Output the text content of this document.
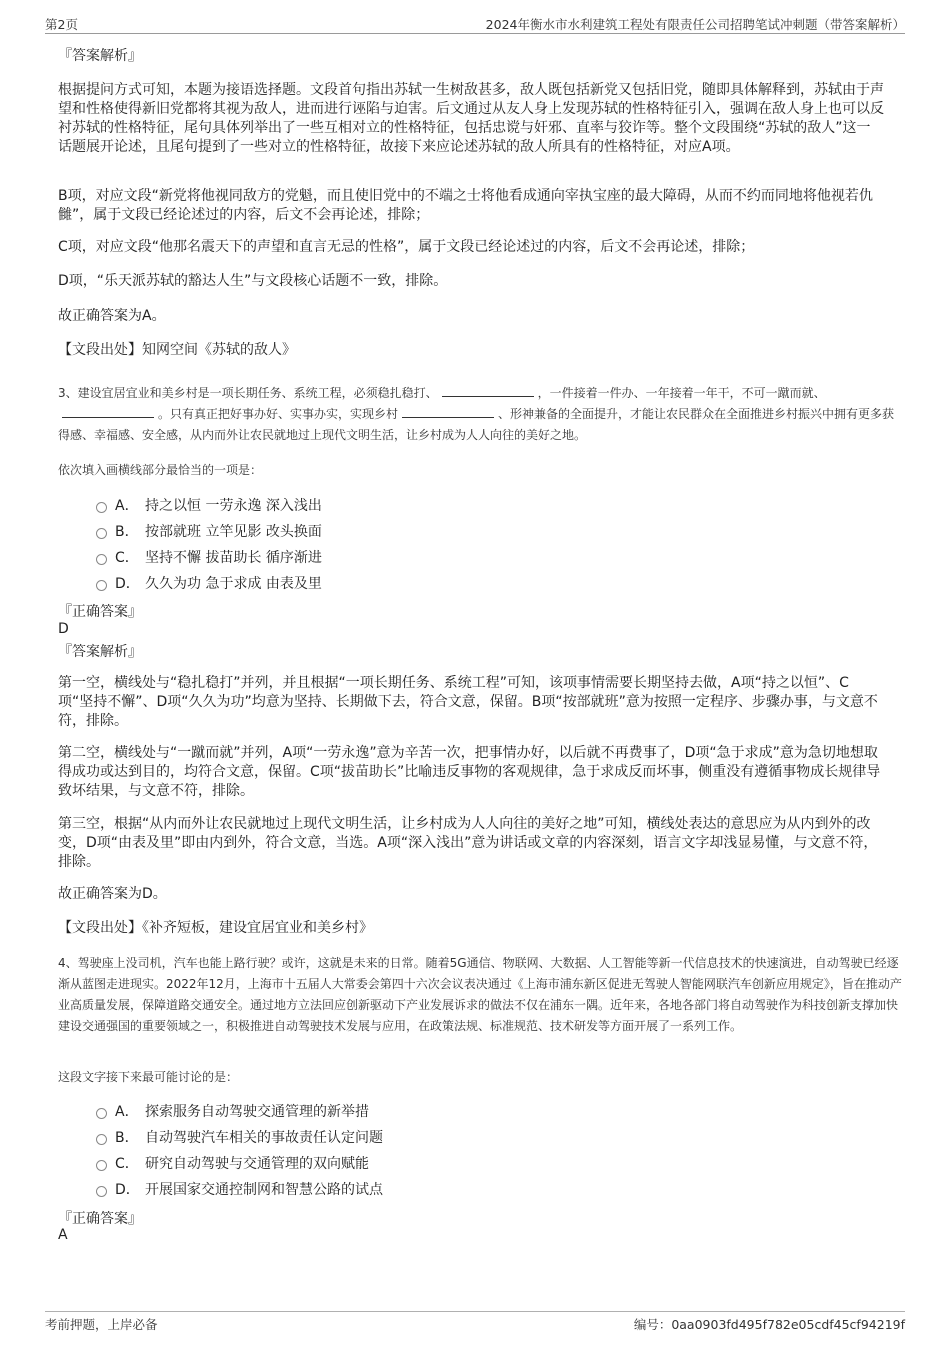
第2页	2024年衡水市水利建筑工程处有限责任公司招聘笔试冲刺题（带答案解析）
『答案解析』
根据提问方式可知，本题为接语选择题。文段首句指出苏轼一生树敌甚多，敌人既包括新党又包括旧党，随即具体解释到，苏轼由于声望和性格使得新旧党都将其视为敌人，进而进行诬陷与迫害。后文通过从友人身上发现苏轼的性格特征引入，强调在敌人身上也可以反衬苏轼的性格特征，尾句具体列举出了一些互相对立的性格特征，包括忠谠与奸邪、直率与狡诈等。整个文段围绕“苏轼的敌人”这一话题展开论述，且尾句提到了一些对立的性格特征，故接下来应论述苏轼的敌人所具有的性格特征，对应A项。
B项，对应文段“新党将他视同敌方的党魁，而且使旧党中的不端之士将他看成通向宰执宝座的最大障碍，从而不约而同地将他视若仇雠”，属于文段已经论述过的内容，后文不会再论述，排除；
C项，对应文段“他那名震天下的声望和直言无忌的性格”，属于文段已经论述过的内容，后文不会再论述，排除；
D项，“乐天派苏轼的豁达人生”与文段核心话题不一致，排除。
故正确答案为A。
【文段出处】知网空间《苏轼的敌人》
3、建设宜居宜业和美乡村是一项长期任务、系统工程，必须稳扎稳打、	，一件接着一件办、一年接着一年干，不可一蹴而就、。只有真正把好事办好、实事办实，实现乡村	、形神兼备的全面提升，才能让农民群众在全面推进乡村振兴中拥有更多获得感、幸福感、安全感，从内而外让农民就地过上现代文明生活，让乡村成为人人向往的美好之地。
依次填入画横线部分最恰当的一项是：
A． 持之以恒 一劳永逸 深入浅出
B． 按部就班 立竿见影 改头换面
C． 坚持不懈 拔苗助长 循序渐进
D． 久久为功 急于求成 由表及里
『正确答案』
D
『答案解析』
第一空，横线处与“稳扎稳打”并列，并且根据“一项长期任务、系统工程”可知，该项事情需要长期坚持去做，A项“持之以恒”、C项“坚持不懈”、D项“久久为功”均意为坚持、长期做下去，符合文意，保留。B项“按部就班”意为按照一定程序、步骤办事，与文意不符，排除。
第二空，横线处与“一蹴而就”并列，A项“一劳永逸”意为辛苦一次，把事情办好，以后就不再费事了，D项“急于求成”意为急切地想取得成功或达到目的，均符合文意，保留。C项“拔苗助长”比喻违反事物的客观规律，急于求成反而坏事，侧重没有遵循事物成长规律导致坏结果，与文意不符，排除。
第三空，根据“从内而外让农民就地过上现代文明生活，让乡村成为人人向往的美好之地”可知，横线处表达的意思应为从内到外的改变，D项“由表及里”即由内到外，符合文意，当选。A项“深入浅出”意为讲话或文章的内容深刻，语言文字却浅显易懂，与文意不符，排除。
故正确答案为D。
【文段出处】《补齐短板，建设宜居宜业和美乡村》
4、驾驶座上没司机，汽车也能上路行驶？或许，这就是未来的日常。随着5G通信、物联网、大数据、人工智能等新一代信息技术的快速演进，自动驾驶已经逐渐从蓝图走进现实。2022年12月，上海市十五届人大常委会第四十六次会议表决通过《上海市浦东新区促进无驾驶人智能网联汽车创新应用规定》，旨在推动产业高质量发展，保障道路交通安全。通过地方立法回应创新驱动下产业发展诉求的做法不仅在浦东一隅。近年来，各地各部门将自动驾驶作为科技创新支撑加快建设交通强国的重要领域之一，积极推进自动驾驶技术发展与应用，在政策法规、标准规范、技术研发等方面开展了一系列工作。
这段文字接下来最可能讨论的是：
A． 探索服务自动驾驶交通管理的新举措
B． 自动驾驶汽车相关的事故责任认定问题
C． 研究自动驾驶与交通管理的双向赋能
D． 开展国家交通控制网和智慧公路的试点
『正确答案』
A
考前押题，上岸必备	编号：0aa0903fd495f782e05cdf45cf94219f
